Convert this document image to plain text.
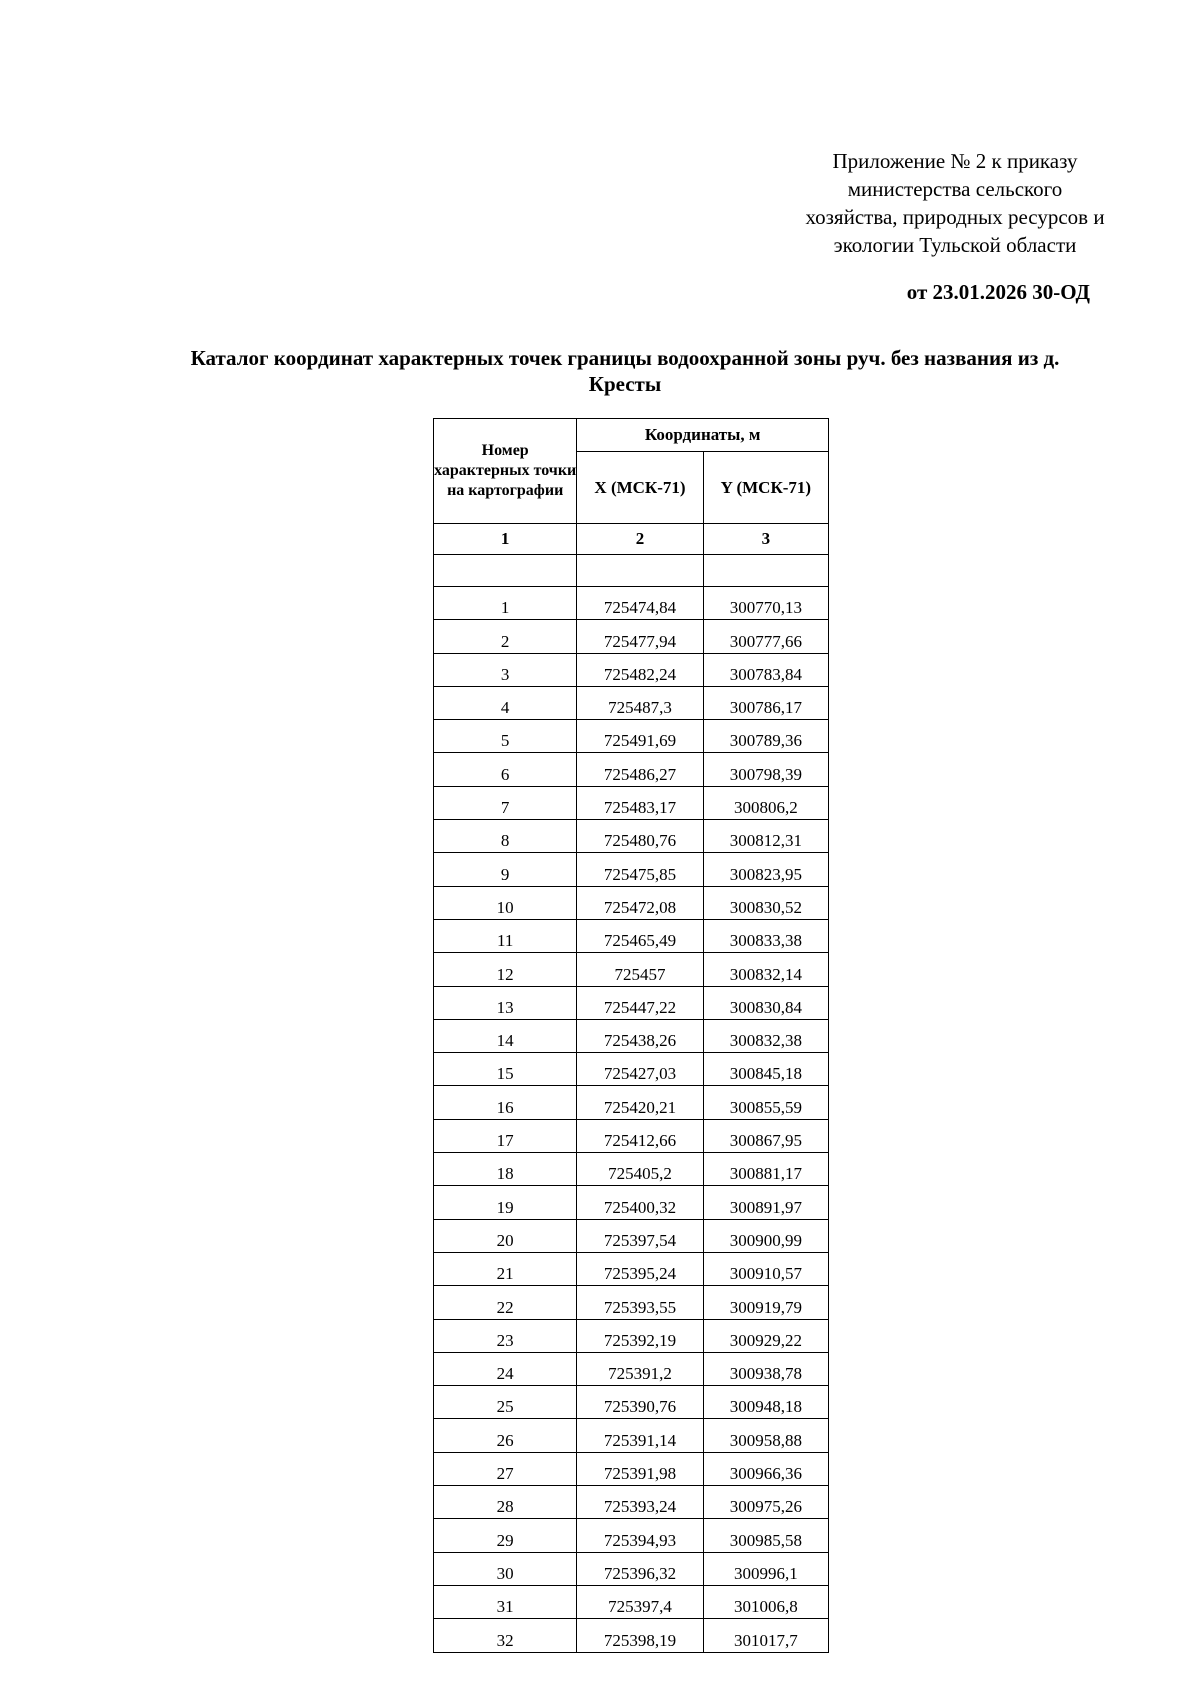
Приложение № 2 к приказу
министерства сельского
хозяйства, природных ресурсов и
экологии Тульской области
от 23.01.2026 30-ОД
Каталог координат характерных точек границы водоохранной зоны руч. без названия из д.
Кресты
Номер характерных точки на картографии	Координаты, м	
	X (МСК-71)	Y (МСК-71)
1	2	3

1	725474,84	300770,13
2	725477,94	300777,66
3	725482,24	300783,84
4	725487,3	300786,17
5	725491,69	300789,36
6	725486,27	300798,39
7	725483,17	300806,2
8	725480,76	300812,31
9	725475,85	300823,95
10	725472,08	300830,52
11	725465,49	300833,38
12	725457	300832,14
13	725447,22	300830,84
14	725438,26	300832,38
15	725427,03	300845,18
16	725420,21	300855,59
17	725412,66	300867,95
18	725405,2	300881,17
19	725400,32	300891,97
20	725397,54	300900,99
21	725395,24	300910,57
22	725393,55	300919,79
23	725392,19	300929,22
24	725391,2	300938,78
25	725390,76	300948,18
26	725391,14	300958,88
27	725391,98	300966,36
28	725393,24	300975,26
29	725394,93	300985,58
30	725396,32	300996,1
31	725397,4	301006,8
32	725398,19	301017,7
